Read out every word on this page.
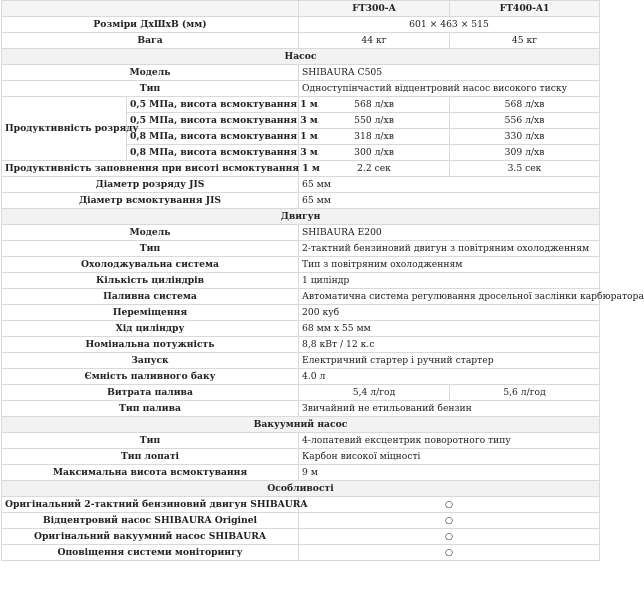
		FT300-A	FT400-A1
Розміри ДхШхВ (мм)		601 × 463 × 515	
Вага		44 кг	45 кг
Насос			
Модель		SHIBAURA C505	
Тип		Одноступінчастий відцентровий насос високого тиску	
Продуктивність розряду	0,5 МПа, висота всмоктування 1 м	568 л/хв	568 л/хв
	0,5 МПа, висота всмоктування 3 м	550 л/хв	556 л/хв
	0,8 МПа, висота всмоктування 1 м	318 л/хв	330 л/хв
	0,8 МПа, висота всмоктування 3 м	300 л/хв	309 л/хв
Продуктивність заповнення при висоті всмоктування 1 м		2.2 сек	3.5 сек
Діаметр розряду JIS		65 мм	
Діаметр всмоктування JIS		65 мм	
Двигун			
Модель		SHIBAURA E200	
Тип		2-тактний бензиновий двигун з повітряним охолодженням	
Охолоджувальна система		Тип з повітряним охолодженням	
Кількість циліндрів		1 циліндр	
Паливна система		Автоматична система регулювання дросельної заслінки карбюратора	
Переміщення		200 куб	
Хід циліндру		68 мм x 55 мм	
Номінальна потужність		8,8 кВт / 12 к.с	
Запуск		Електричний стартер і ручний стартер	
Ємність паливного баку		4.0 л	
Витрата палива		5,4 л/год	5,6 л/год
Тип палива		Звичайний не етильований бензин	
Вакуумний насос			
Тип		4-лопатевий ексцентрик поворотного типу	
Тип лопаті		Карбон високої міцності	
Максимальна висота всмоктування		9 м	
Особливості			
Оригінальний 2-тактний бензиновий двигун SHIBAURA		○	
Відцентровий насос SHIBAURA Originel		○	
Оригінальний вакуумний насос SHIBAURA		○	
Оповіщення системи моніторингу		○	
